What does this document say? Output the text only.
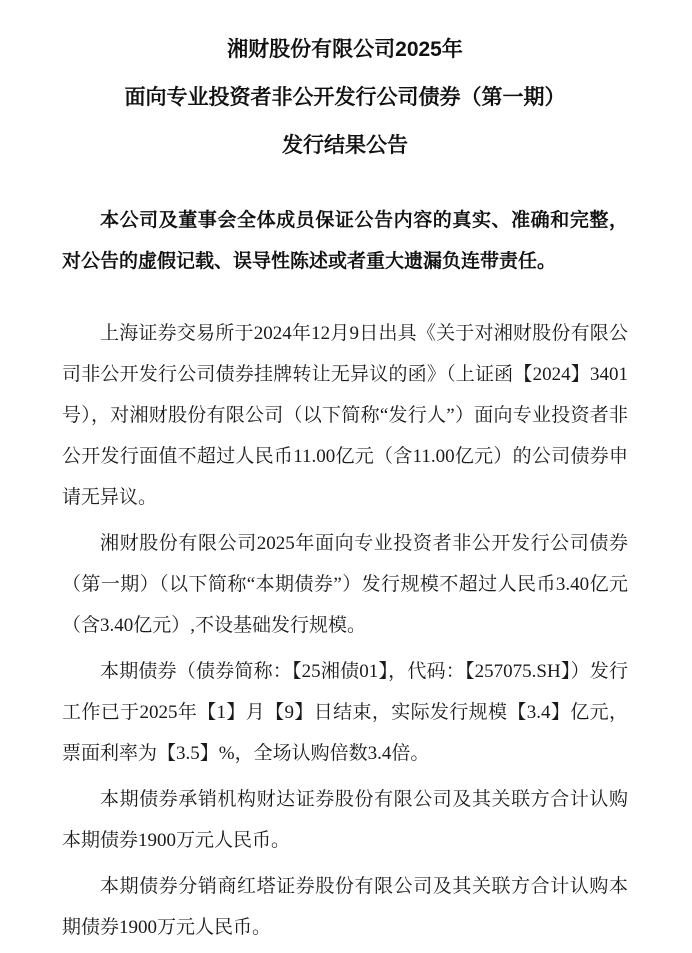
湘财股份有限公司2025年
面向专业投资者非公开发行公司债券（第一期）
发行结果公告

本公司及董事会全体成员保证公告内容的真实、准确和完整，对公告的虚假记载、误导性陈述或者重大遗漏负连带责任。

上海证券交易所于2024年12月9日出具《关于对湘财股份有限公司非公开发行公司债券挂牌转让无异议的函》（上证函【2024】3401号），对湘财股份有限公司（以下简称“发行人”）面向专业投资者非公开发行面值不超过人民币11.00亿元（含11.00亿元）的公司债券申请无异议。

湘财股份有限公司2025年面向专业投资者非公开发行公司债券（第一期）（以下简称“本期债券”）发行规模不超过人民币3.40亿元（含3.40亿元）,不设基础发行规模。

本期债券（债券简称：【25湘债01】，代码：【257075.SH】）发行工作已于2025年【1】月【9】日结束，实际发行规模【3.4】亿元，票面利率为【3.5】%，全场认购倍数3.4倍。

本期债券承销机构财达证券股份有限公司及其关联方合计认购本期债券1900万元人民币。

本期债券分销商红塔证券股份有限公司及其关联方合计认购本期债券1900万元人民币。
